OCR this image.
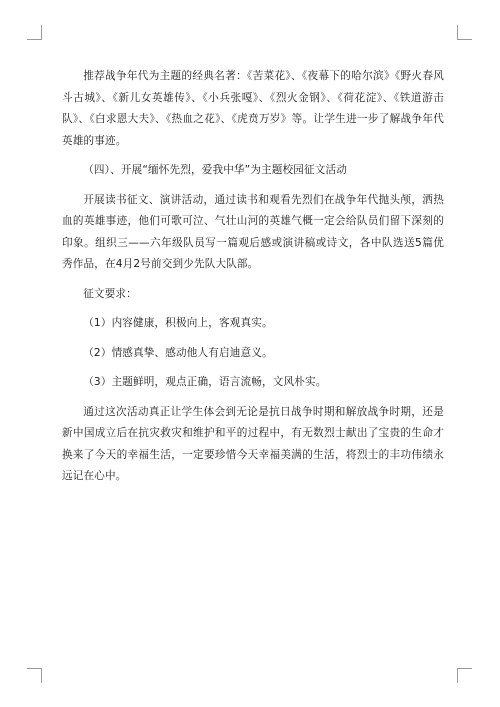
推荐战争年代为主题的经典名著：《苦菜花》、《夜幕下的哈尔滨》《野火春风斗古城》、《新儿女英雄传》、《小兵张嘎》、《烈火金钢》、《荷花淀》、《铁道游击队》、《白求恩大夫》、《热血之花》、《虎贲万岁》等。让学生进一步了解战争年代英雄的事迹。

（四）、开展“缅怀先烈，爱我中华”为主题校园征文活动

开展读书征文、演讲活动，通过读书和观看先烈们在战争年代抛头颅，洒热血的英雄事迹，他们可歌可泣、气壮山河的英雄气概一定会给队员们留下深刻的印象。组织三——六年级队员写一篇观后感或演讲稿或诗文，各中队选送5篇优秀作品，在4月2号前交到少先队大队部。

征文要求：

（1）内容健康，积极向上，客观真实。

（2）情感真挚、感动他人有启迪意义。

（3）主题鲜明，观点正确，语言流畅，文风朴实。

通过这次活动真正让学生体会到无论是抗日战争时期和解放战争时期，还是新中国成立后在抗灾救灾和维护和平的过程中，有无数烈士献出了宝贵的生命才换来了今天的幸福生活，一定要珍惜今天幸福美满的生活，将烈士的丰功伟绩永远记在心中。
